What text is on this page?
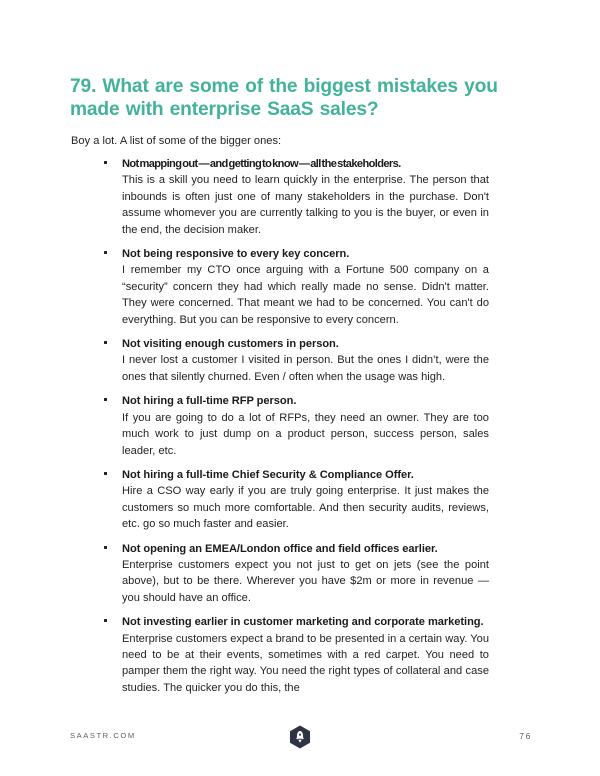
79. What are some of the biggest mistakes you made with enterprise SaaS sales?

Boy a lot. A list of some of the bigger ones:

Not mapping out — and getting to know — all the stakeholders.
This is a skill you need to learn quickly in the enterprise. The person that inbounds is often just one of many stakeholders in the purchase. Don't assume whomever you are currently talking to you is the buyer, or even in the end, the decision maker.
Not being responsive to every key concern.
I remember my CTO once arguing with a Fortune 500 company on a “security” concern they had which really made no sense. Didn't matter. They were concerned. That meant we had to be concerned. You can't do everything. But you can be responsive to every concern.
Not visiting enough customers in person.
I never lost a customer I visited in person. But the ones I didn’t, were the ones that silently churned. Even / often when the usage was high.
Not hiring a full-time RFP person.
If you are going to do a lot of RFPs, they need an owner. They are too much work to just dump on a product person, success person, sales leader, etc.
Not hiring a full-time Chief Security & Compliance Offer.
Hire a CSO way early if you are truly going enterprise. It just makes the customers so much more comfortable. And then security audits, reviews, etc. go so much faster and easier.
Not opening an EMEA/London office and field offices earlier.
Enterprise customers expect you not just to get on jets (see the point above), but to be there. Wherever you have $2m or more in revenue — you should have an office.
Not investing earlier in customer marketing and corporate marketing.
Enterprise customers expect a brand to be presented in a certain way. You need to be at their events, sometimes with a red carpet. You need to pamper them the right way. You need the right types of collateral and case studies. The quicker you do this, the
SAASTR.COM	76
